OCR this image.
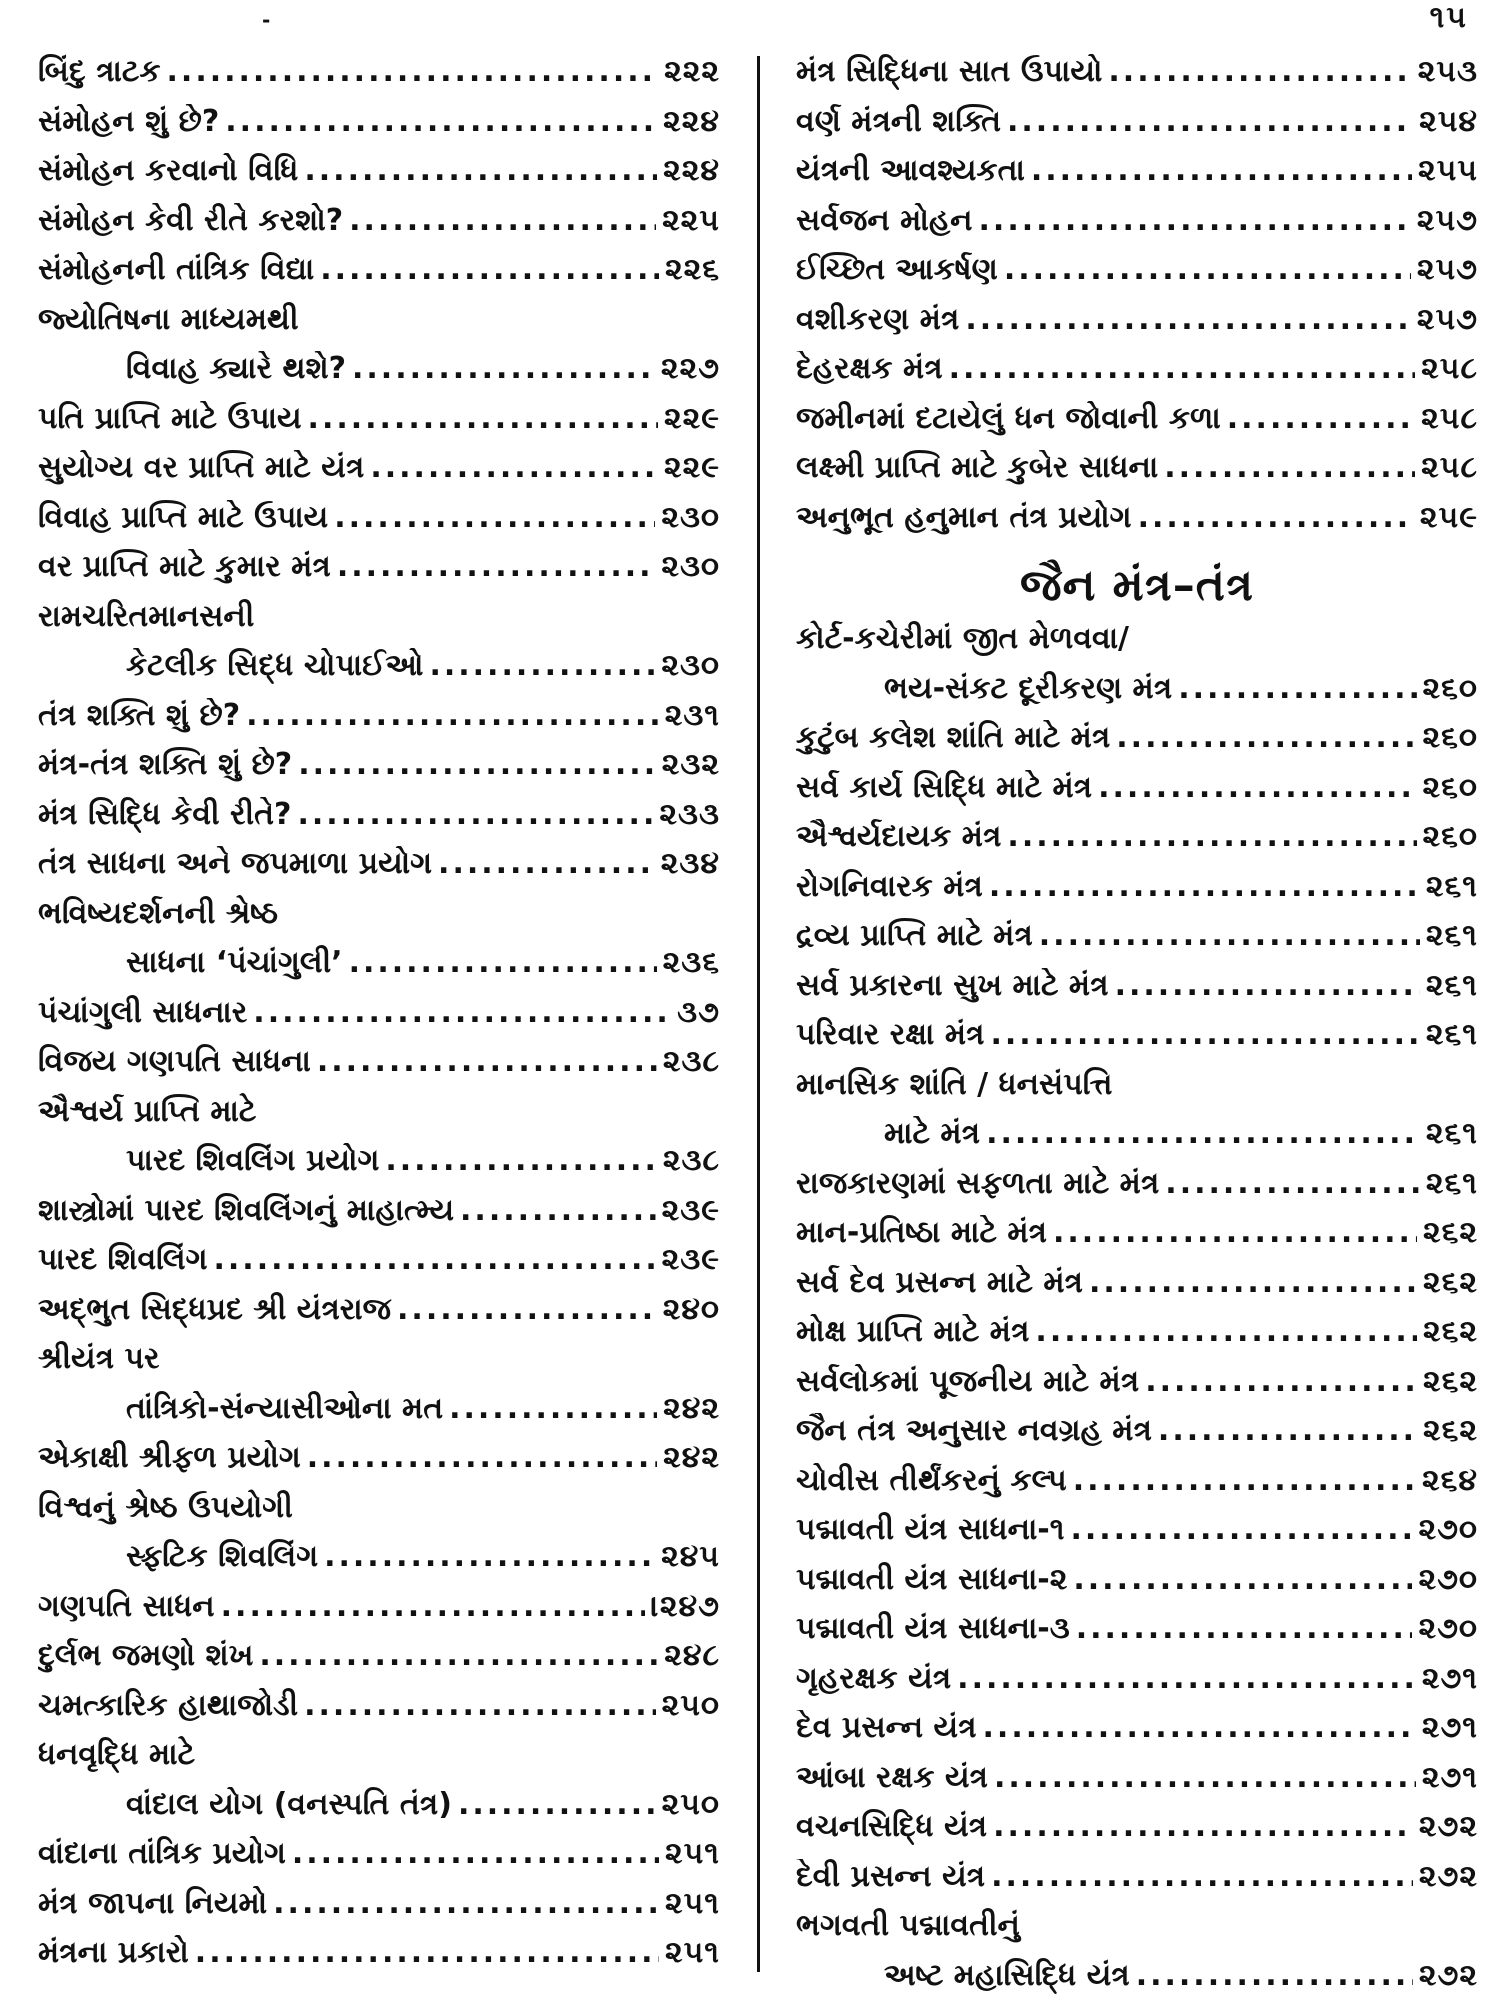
-	૧૫
બિંદુ ત્રાટક .....	૨૨૨
સંમોહન શું છે? .....	૨૨૪
સંમોહન કરવાનો વિધિ .....	૨૨૪
સંમોહન કેવી રીતે કરશો? .....	૨૨૫
સંમોહનની તાંત્રિક વિદ્યા .....	૨૨૬
જ્યોતિષના માધ્યમથી
વિવાહ ક્યારે થશે? .....	૨૨૭
પતિ પ્રાપ્તિ માટે ઉપાય .....	૨૨૯
સુયોગ્ય વર પ્રાપ્તિ માટે યંત્ર .....	૨૨૯
વિવાહ પ્રાપ્તિ માટે ઉપાય .....	૨૩૦
વર પ્રાપ્તિ માટે કુમાર મંત્ર .....	૨૩૦
રામચરિતમાનસની
કેટલીક સિદ્ધ ચોપાઈઓ .....	૨૩૦
તંત્ર શક્તિ શું છે? .....	૨૩૧
મંત્ર-તંત્ર શક્તિ શું છે? .....	૨૩૨
મંત્ર સિદ્ધિ કેવી રીતે? .....	૨૩૩
તંત્ર સાધના અને જપમાળા પ્રયોગ .....	૨૩૪
ભવિષ્યદર્શનની શ્રેષ્ઠ
સાધના ‘પંચાંગુલી’ .....	૨૩૬
પંચાંગુલી સાધનાર .....	૩૭
વિજય ગણપતિ સાધના .....	૨૩૮
ઐશ્વર્ય પ્રાપ્તિ માટે
પારદ શિવલિંગ પ્રયોગ .....	૨૩૮
શાસ્ત્રોમાં પારદ શિવલિંગનું માહાત્મ્ય .....	૨૩૯
પારદ શિવલિંગ .....	૨૩૯
અદ્‌ભુત સિદ્ધપ્રદ શ્રી યંત્રરાજ .....	૨૪૦
શ્રીયંત્ર પર
તાંત્રિકો-સંન્યાસીઓના મત .....	૨૪૨
એકાક્ષી શ્રીફળ પ્રયોગ .....	૨૪૨
વિશ્વનું શ્રેષ્ઠ ઉપયોગી
સ્ફટિક શિવલિંગ .....	૨૪૫
ગણપતિ સાધન .....	।૨૪૭
દુર્લભ જમણો શંખ .....	૨૪૮
ચમત્કારિક હાથાજોડી .....	૨૫૦
ધનવૃદ્ધિ માટે
વાંદાલ યોગ (વનસ્પતિ તંત્ર) .....	૨૫૦
વાંદાના તાંત્રિક પ્રયોગ .....	૨૫૧
મંત્ર જાપના નિયમો .....	૨૫૧
મંત્રના પ્રકારો .....	૨૫૧
મંત્ર સિદ્ધિના સાત ઉપાયો .....	૨૫૩
વર્ણ મંત્રની શક્તિ .....	૨૫૪
યંત્રની આવશ્યકતા .....	૨૫૫
સર્વજન મોહન .....	૨૫૭
ઈચ્છિત આકર્ષણ .....	૨૫૭
વશીકરણ મંત્ર .....	૨૫૭
દેહરક્ષક મંત્ર .....	૨૫૮
જમીનમાં દટાયેલું ધન જોવાની કળા .....	૨૫૮
લક્ષ્મી પ્રાપ્તિ માટે કુબેર સાધના .....	૨૫૮
અનુભૂત હનુમાન તંત્ર પ્રયોગ .....	૨૫૯
જૈન મંત્ર–તંત્ર
કોર્ટ-કચેરીમાં જીત મેળવવા/
ભય-સંકટ દૂરીકરણ મંત્ર .....	૨૬૦
કુટુંબ કલેશ શાંતિ માટે મંત્ર .....	૨૬૦
સર્વ કાર્ય સિદ્ધિ માટે મંત્ર .....	૨૬૦
ઐશ્વર્યદાયક મંત્ર .....	૨૬૦
રોગનિવારક મંત્ર .....	૨૬૧
દ્રવ્ય પ્રાપ્તિ માટે મંત્ર .....	૨૬૧
સર્વ પ્રકારના સુખ માટે મંત્ર .....	૨૬૧
પરિવાર રક્ષા મંત્ર .....	૨૬૧
માનસિક શાંતિ / ધનસંપત્તિ
માટે મંત્ર .....	૨૬૧
રાજકારણમાં સફળતા માટે મંત્ર .....	૨૬૧
માન-પ્રતિષ્ઠા માટે મંત્ર .....	૨૬૨
સર્વ દેવ પ્રસન્ન માટે મંત્ર .....	૨૬૨
મોક્ષ પ્રાપ્તિ માટે મંત્ર .....	૨૬૨
સર્વલોકમાં પૂજનીય માટે મંત્ર .....	૨૬૨
જૈન તંત્ર અનુસાર નવગ્રહ મંત્ર .....	૨૬૨
ચોવીસ તીર્થંકરનું કલ્પ .....	૨૬૪
પદ્માવતી યંત્ર સાધના-૧ .....	૨૭૦
પદ્માવતી યંત્ર સાધના-૨ .....	૨૭૦
પદ્માવતી યંત્ર સાધના-૩ .....	૨૭૦
ગૃહરક્ષક યંત્ર .....	૨૭૧
દેવ પ્રસન્ન યંત્ર .....	૨૭૧
આંબા રક્ષક યંત્ર .....	૨૭૧
વચનસિદ્ધિ યંત્ર .....	૨૭૨
દેવી પ્રસન્ન યંત્ર .....	૨૭૨
ભગવતી પદ્માવતીનું
અષ્ટ મહાસિદ્ધિ યંત્ર .....	૨૭૨
